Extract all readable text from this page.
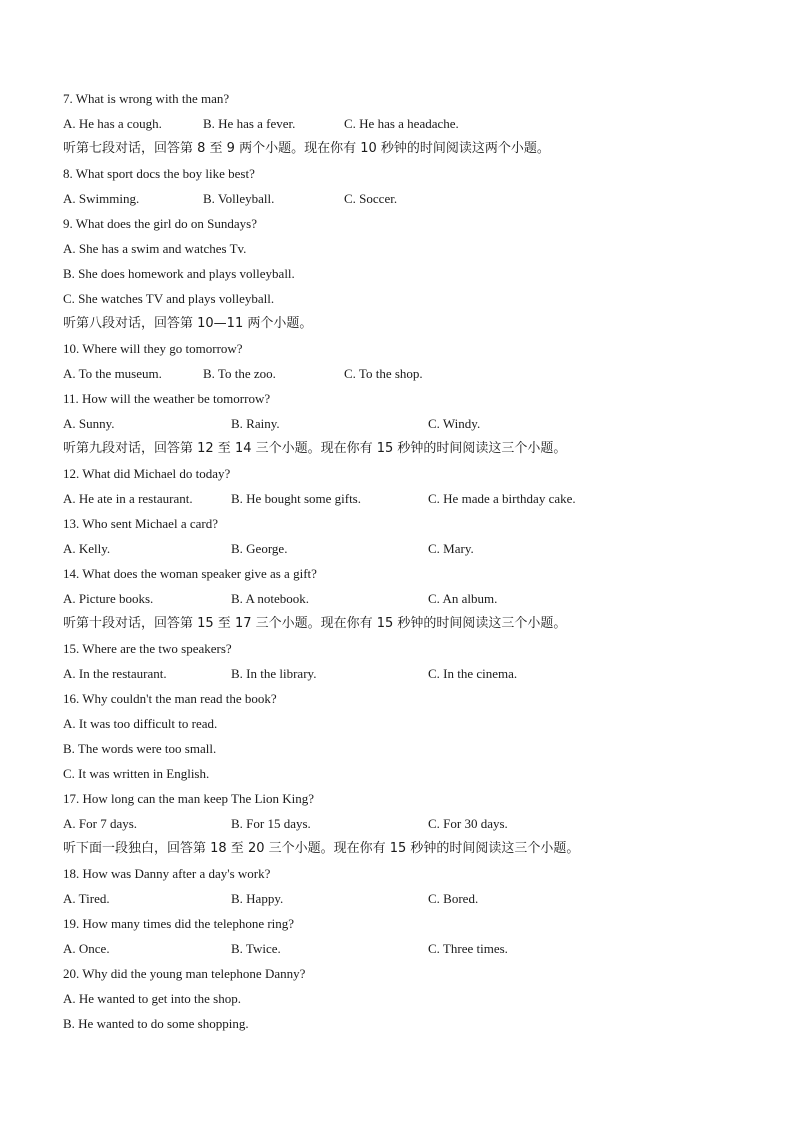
7. What is wrong with the man?
A. He has a cough.	B. He has a fever.	C. He has a headache.
听第七段对话，回答第 8 至 9 两个小题。现在你有 10 秒钟的时间阅读这两个小题。
8. What sport docs the boy like best?
A. Swimming.	B. Volleyball.	C. Soccer.
9. What does the girl do on Sundays?
A. She has a swim and watches Tv.
B. She does homework and plays volleyball.
C. She watches TV and plays volleyball.
听第八段对话，回答第 10—11 两个小题。
10. Where will they go tomorrow?
A. To the museum.	B. To the zoo.	C. To the shop.
11. How will the weather be tomorrow?
A. Sunny.	B. Rainy.	C. Windy.
听第九段对话，回答第 12 至 14 三个小题。现在你有 15 秒钟的时间阅读这三个小题。
12. What did Michael do today?
A. He ate in a restaurant.	B. He bought some gifts.	C. He made a birthday cake.
13. Who sent Michael a card?
A. Kelly.	B. George.	C. Mary.
14. What does the woman speaker give as a gift?
A. Picture books.	B. A notebook.	C. An album.
听第十段对话，回答第 15 至 17 三个小题。现在你有 15 秒钟的时间阅读这三个小题。
15. Where are the two speakers?
A. In the restaurant.	B. In the library.	C. In the cinema.
16. Why couldn't the man read the book?
A. It was too difficult to read.
B. The words were too small.
C. It was written in English.
17. How long can the man keep The Lion King?
A. For 7 days.	B. For 15 days.	C. For 30 days.
听下面一段独白，回答第 18 至 20 三个小题。现在你有 15 秒钟的时间阅读这三个小题。
18. How was Danny after a day's work?
A. Tired.	B. Happy.	C. Bored.
19. How many times did the telephone ring?
A. Once.	B. Twice.	C. Three times.
20. Why did the young man telephone Danny?
A. He wanted to get into the shop.
B. He wanted to do some shopping.
